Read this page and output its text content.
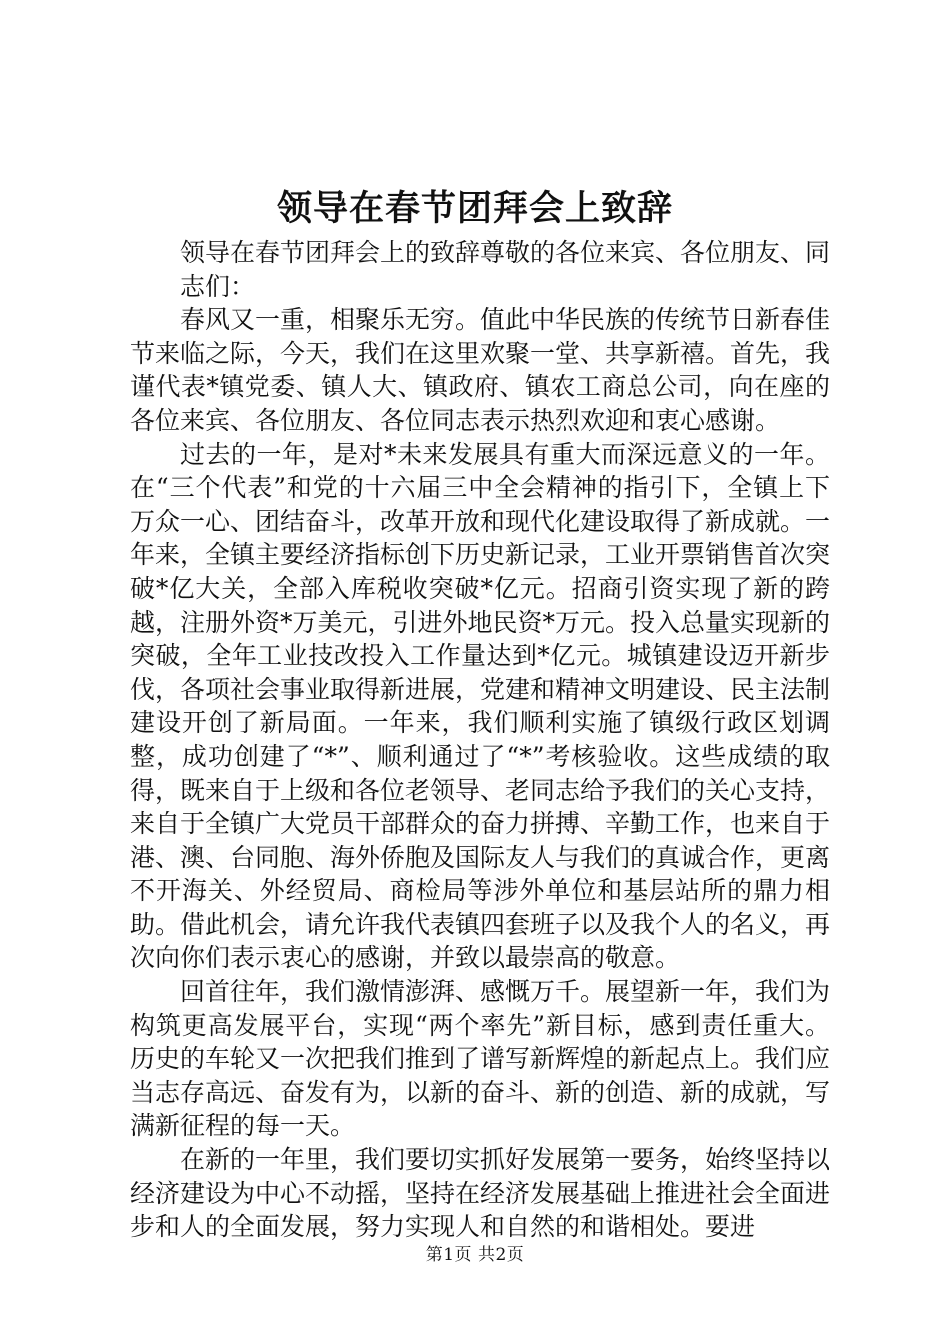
领导在春节团拜会上致辞

领导在春节团拜会上的致辞尊敬的各位来宾、各位朋友、同志们：

春风又一重，相聚乐无穷。值此中华民族的传统节日新春佳节来临之际，今天，我们在这里欢聚一堂、共享新禧。首先，我谨代表*镇党委、镇人大、镇政府、镇农工商总公司，向在座的各位来宾、各位朋友、各位同志表示热烈欢迎和衷心感谢。

过去的一年，是对*未来发展具有重大而深远意义的一年。在“三个代表”和党的十六届三中全会精神的指引下，全镇上下万众一心、团结奋斗，改革开放和现代化建设取得了新成就。一年来，全镇主要经济指标创下历史新记录，工业开票销售首次突破*亿大关，全部入库税收突破*亿元。招商引资实现了新的跨越，注册外资*万美元，引进外地民资*万元。投入总量实现新的突破，全年工业技改投入工作量达到*亿元。城镇建设迈开新步伐，各项社会事业取得新进展，党建和精神文明建设、民主法制建设开创了新局面。一年来，我们顺利实施了镇级行政区划调整，成功创建了“*”、顺利通过了“*”考核验收。这些成绩的取得，既来自于上级和各位老领导、老同志给予我们的关心支持，来自于全镇广大党员干部群众的奋力拼搏、辛勤工作，也来自于港、澳、台同胞、海外侨胞及国际友人与我们的真诚合作，更离不开海关、外经贸局、商检局等涉外单位和基层站所的鼎力相助。借此机会，请允许我代表镇四套班子以及我个人的名义，再次向你们表示衷心的感谢，并致以最崇高的敬意。

回首往年，我们激情澎湃、感慨万千。展望新一年，我们为构筑更高发展平台，实现“两个率先”新目标，感到责任重大。历史的车轮又一次把我们推到了谱写新辉煌的新起点上。我们应当志存高远、奋发有为，以新的奋斗、新的创造、新的成就，写满新征程的每一天。

在新的一年里，我们要切实抓好发展第一要务，始终坚持以经济建设为中心不动摇，坚持在经济发展基础上推进社会全面进步和人的全面发展，努力实现人和自然的和谐相处。要进

第1页 共2页
